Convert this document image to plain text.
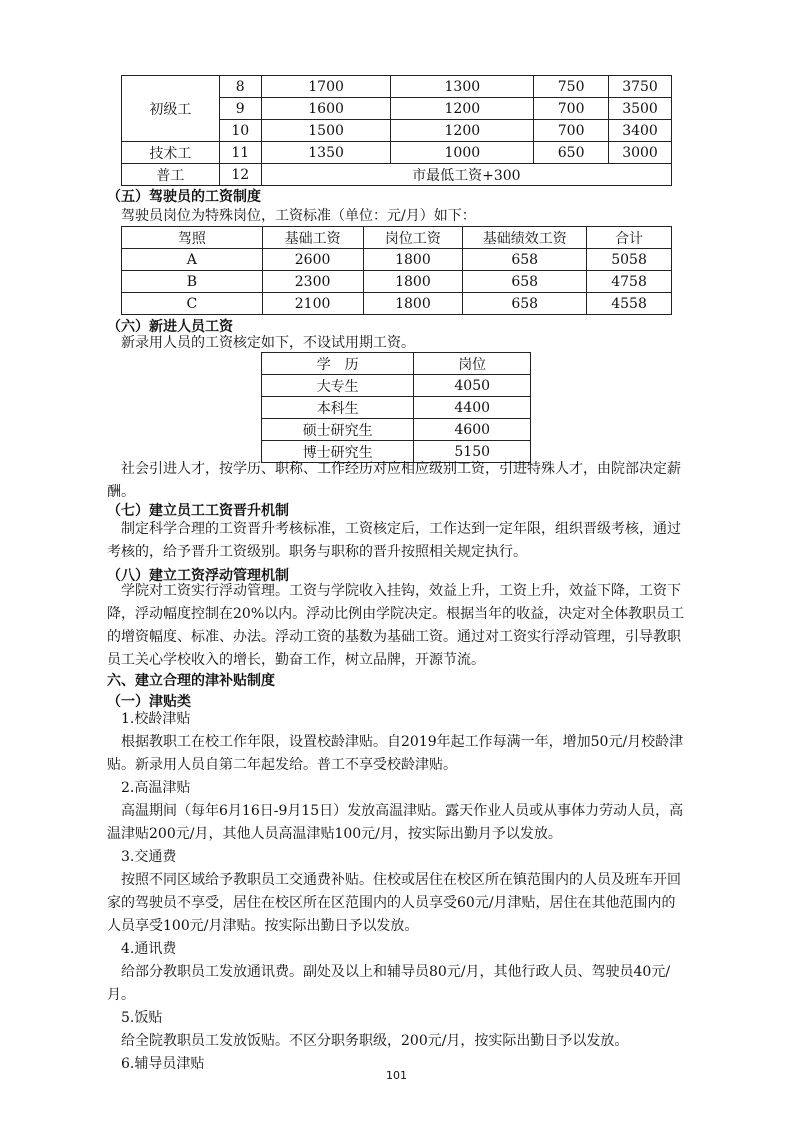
初级工	8	1700	1300	750	3750
	9	1600	1200	700	3500
	10	1500	1200	700	3400
技术工	11	1350	1000	650	3000
普工	12	市最低工资+300			
（五）驾驶员的工资制度

驾驶员岗位为特殊岗位，工资标准（单位：元/月）如下：

驾照	基础工资	岗位工资	基础绩效工资	合计
A	2600	1800	658	5058
B	2300	1800	658	4758
C	2100	1800	658	4558
（六）新进人员工资

新录用人员的工资核定如下，不设试用期工资。

学　历	岗位
大专生	4050
本科生	4400
硕士研究生	4600
博士研究生	5150

社会引进人才，按学历、职称、工作经历对应相应级别工资，引进特殊人才，由院部决定薪酬。

（七）建立员工工资晋升机制

制定科学合理的工资晋升考核标准，工资核定后，工作达到一定年限，组织晋级考核，通过考核的，给予晋升工资级别。职务与职称的晋升按照相关规定执行。

（八）建立工资浮动管理机制

学院对工资实行浮动管理。工资与学院收入挂钩，效益上升，工资上升，效益下降，工资下降，浮动幅度控制在20%以内。浮动比例由学院决定。根据当年的收益，决定对全体教职员工的增资幅度、标准、办法。浮动工资的基数为基础工资。通过对工资实行浮动管理，引导教职员工关心学校收入的增长，勤奋工作，树立品牌，开源节流。

六、建立合理的津补贴制度
（一）津贴类

1.校龄津贴

根据教职工在校工作年限，设置校龄津贴。自2019年起工作每满一年，增加50元/月校龄津贴。新录用人员自第二年起发给。普工不享受校龄津贴。

2.高温津贴

高温期间（每年6月16日-9月15日）发放高温津贴。露天作业人员或从事体力劳动人员，高温津贴200元/月，其他人员高温津贴100元/月，按实际出勤月予以发放。

3.交通费

按照不同区域给予教职员工交通费补贴。住校或居住在校区所在镇范围内的人员及班车开回家的驾驶员不享受，居住在校区所在区范围内的人员享受60元/月津贴，居住在其他范围内的人员享受100元/月津贴。按实际出勤日予以发放。

4.通讯费

给部分教职员工发放通讯费。副处及以上和辅导员80元/月，其他行政人员、驾驶员40元/月。

5.饭贴

给全院教职员工发放饭贴。不区分职务职级，200元/月，按实际出勤日予以发放。

6.辅导员津贴

101
